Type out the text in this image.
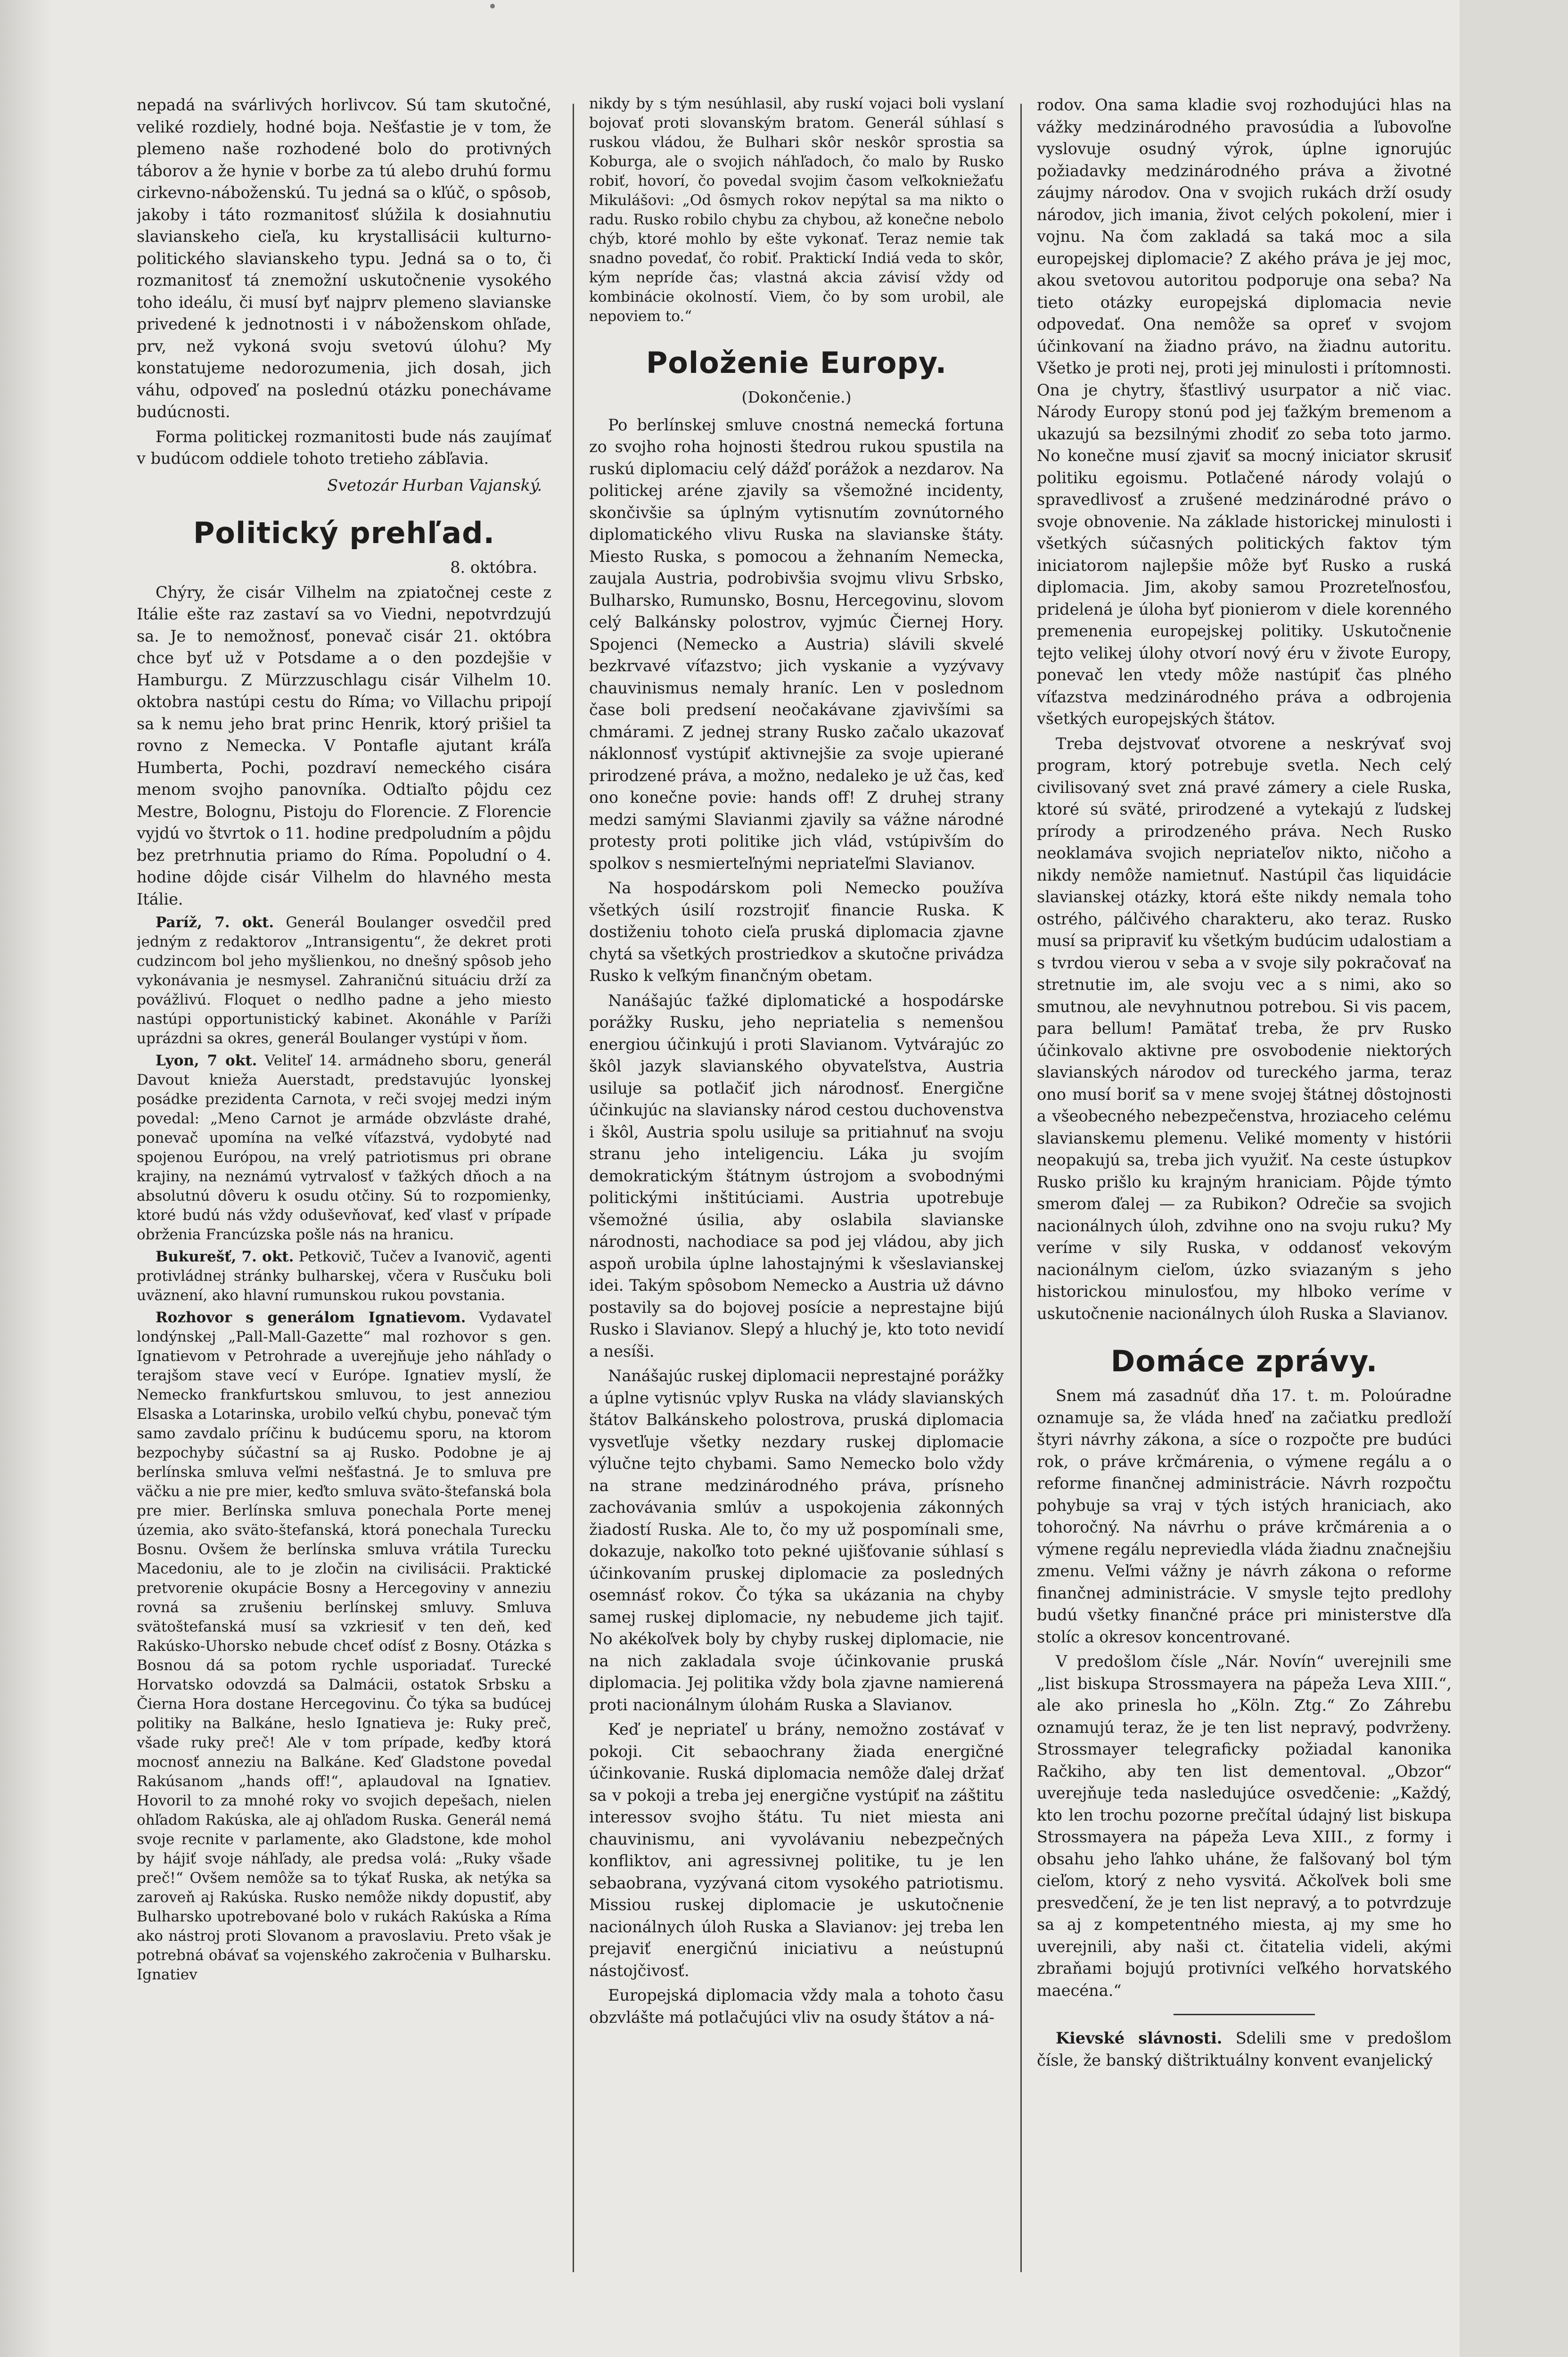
nepadá na svárlivých horlivcov. Sú tam skutočné, veliké rozdiely, hodné boja. Nešťastie je v tom, že plemeno naše rozhodené bolo do protivných táborov a že hynie v borbe za tú alebo druhú formu cirkevno-náboženskú. Tu jedná sa o kľúč, o spôsob, jakoby i táto rozmanitosť slúžila k dosiahnutiu slavianskeho cieľa, ku krystallisácii kulturno-politického slavianskeho typu. Jedná sa o to, či rozmanitosť tá znemožní uskutočnenie vysokého toho ideálu, či musí byť najprv plemeno slavianske privedené k jednotnosti i v náboženskom ohľade, prv, než vykoná svoju svetovú úlohu? My konstatujeme nedorozumenia, jich dosah, jich váhu, odpoveď na poslednú otázku ponechávame budúcnosti.

Forma politickej rozmanitosti bude nás zaujímať v budúcom oddiele tohoto tretieho zábľavia.

Svetozár Hurban Vajanský.
Politický prehľad.
8. októbra.

Chýry, že cisár Vilhelm na zpiatočnej ceste z Itálie ešte raz zastaví sa vo Viedni, nepotvrdzujú sa. Je to nemožnosť, ponevač cisár 21. októbra chce byť už v Potsdame a o den pozdejšie v Hamburgu. Z Mürzzuschlagu cisár Vilhelm 10. oktobra nastúpi cestu do Ríma; vo Villachu pripojí sa k nemu jeho brat princ Henrik, ktorý prišiel ta rovno z Nemecka. V Pontafle ajutant kráľa Humberta, Pochi, pozdraví nemeckého cisára menom svojho panovníka. Odtiaľto pôjdu cez Mestre, Bolognu, Pistoju do Florencie. Z Florencie vyjdú vo štvrtok o 11. hodine predpoludním a pôjdu bez pretrhnutia priamo do Ríma. Popoludní o 4. hodine dôjde cisár Vilhelm do hlavného mesta Itálie.

Paríž, 7. okt. Generál Boulanger osvedčil pred jedným z redaktorov „Intransigentu“, že dekret proti cudzincom bol jeho myšlienkou, no dnešný spôsob jeho vykonávania je nesmysel. Zahraničnú situáciu drží za povážlivú. Floquet o nedlho padne a jeho miesto nastúpi opportunistický kabinet. Akonáhle v Paríži uprázdni sa okres, generál Boulanger vystúpi v ňom.

Lyon, 7 okt. Veliteľ 14. armádneho sboru, generál Davout knieža Auerstadt, predstavujúc lyonskej posádke prezidenta Carnota, v reči svojej medzi iným povedal: „Meno Carnot je armáde obzvláste drahé, ponevač upomína na veľké víťazstvá, vydobyté nad spojenou Európou, na vrelý patriotismus pri obrane krajiny, na neznámú vytrvalosť v ťažkých dňoch a na absolutnú dôveru k osudu otčiny. Sú to rozpomienky, ktoré budú nás vždy oduševňovať, keď vlasť v prípade obrženia Francúzska pošle nás na hranicu.

Bukurešť, 7. okt. Petkovič, Tučev a Ivanovič, agenti protivládnej stránky bulharskej, včera v Rusčuku boli uväznení, ako hlavní rumunskou rukou povstania.

Rozhovor s generálom Ignatievom. Vydavateľ londýnskej „Pall-Mall-Gazette“ mal rozhovor s gen. Ignatievom v Petrohrade a uverejňuje jeho náhľady o terajšom stave vecí v Európe. Ignatiev myslí, že Nemecko frankfurtskou smluvou, to jest anneziou Elsaska a Lotarinska, urobilo veľkú chybu, ponevač tým samo zavdalo príčinu k budúcemu sporu, na ktorom bezpochyby súčastní sa aj Rusko. Podobne je aj berlínska smluva veľmi nešťastná. Je to smluva pre väčku a nie pre mier, keďto smluva sväto-štefanská bola pre mier. Berlínska smluva ponechala Porte menej územia, ako sväto-štefanská, ktorá ponechala Turecku Bosnu. Ovšem že berlínska smluva vrátila Turecku Macedoniu, ale to je zločin na civilisácii. Praktické pretvorenie okupácie Bosny a Hercegoviny v anneziu rovná sa zrušeniu berlínskej smluvy. Smluva svätoštefanská musí sa vzkriesiť v ten deň, keď Rakúsko-Uhorsko nebude chceť odísť z Bosny. Otázka s Bosnou dá sa potom rychle usporiadať. Turecké Horvatsko odovzdá sa Dalmácii, ostatok Srbsku a Čierna Hora dostane Hercegovinu. Čo týka sa budúcej politiky na Balkáne, heslo Ignatieva je: Ruky preč, všade ruky preč! Ale v tom prípade, keďby ktorá mocnosť anneziu na Balkáne. Keď Gladstone povedal Rakúsanom „hands off!“, aplaudoval na Ignatiev. Hovoril to za mnohé roky vo svojich depešach, nielen ohľadom Rakúska, ale aj ohľadom Ruska. Generál nemá svoje recnite v parlamente, ako Gladstone, kde mohol by hájiť svoje náhľady, ale predsa volá: „Ruky všade preč!“ Ovšem nemôže sa to týkať Ruska, ak netýka sa zaroveň aj Rakúska. Rusko nemôže nikdy dopustiť, aby Bulharsko upotrebované bolo v rukách Rakúska a Ríma ako nástroj proti Slovanom a pravoslaviu. Preto však je potrebná obávať sa vojenského zakročenia v Bulharsku. Ignatiev

nikdy by s tým nesúhlasil, aby ruskí vojaci boli vyslaní bojovať proti slovanským bratom. Generál súhlasí s ruskou vládou, že Bulhari skôr neskôr sprostia sa Koburga, ale o svojich náhľadoch, čo malo by Rusko robiť, hovorí, čo povedal svojim časom veľkokniežaťu Mikulášovi: „Od ôsmych rokov nepýtal sa ma nikto o radu. Rusko robilo chybu za chybou, až konečne nebolo chýb, ktoré mohlo by ešte vykonať. Teraz nemie tak snadno povedať, čo robiť. Praktickí Indiá veda to skôr, kým nepríde čas; vlastná akcia závisí vždy od kombinácie okolností. Viem, čo by som urobil, ale nepoviem to.“

Položenie Europy.
(Dokončenie.)

Po berlínskej smluve cnostná nemecká fortuna zo svojho roha hojnosti štedrou rukou spustila na ruskú diplomaciu celý dážď porážok a nezdarov. Na politickej aréne zjavily sa všemožné incidenty, skončivšie sa úplným vytisnutím zovnútorného diplomatického vlivu Ruska na slavianske štáty. Miesto Ruska, s pomocou a žehnaním Nemecka, zaujala Austria, podrobivšia svojmu vlivu Srbsko, Bulharsko, Rumunsko, Bosnu, Hercegovinu, slovom celý Balkánsky polostrov, vyjmúc Čiernej Hory. Spojenci (Nemecko a Austria) slávili skvelé bezkrvavé víťazstvo; jich vyskanie a vyzývavy chauvinismus nemaly hraníc. Len v poslednom čase boli predsení neočakávane zjavivšími sa chmárami. Z jednej strany Rusko začalo ukazovať náklonnosť vystúpiť aktivnejšie za svoje upierané prirodzené práva, a možno, nedaleko je už čas, keď ono konečne povie: hands off! Z druhej strany medzi samými Slavianmi zjavily sa vážne národné protesty proti politike jich vlád, vstúpivším do spolkov s nesmierteľnými nepriateľmi Slavianov.

Na hospodárskom poli Nemecko používa všetkých úsilí rozstrojiť financie Ruska. K dostiženiu tohoto cieľa pruská diplomacia zjavne chytá sa všetkých prostriedkov a skutočne privádza Rusko k veľkým finančným obetam.

Nanášajúc ťažké diplomatické a hospodárske porážky Rusku, jeho nepriatelia s nemenšou energiou účinkujú i proti Slavianom. Vytvárajúc zo škôl jazyk slavianského obyvateľstva, Austria usiluje sa potlačiť jich národnosť. Energične účinkujúc na slaviansky národ cestou duchovenstva i škôl, Austria spolu usiluje sa pritiahnuť na svoju stranu jeho inteligenciu. Láka ju svojím demokratickým štátnym ústrojom a svobodnými politickými inštitúciami. Austria upotrebuje všemožné úsilia, aby oslabila slavianske národnosti, nachodiace sa pod jej vládou, aby jich aspoň urobila úplne lahostajnými k všeslavianskej idei. Takým spôsobom Nemecko a Austria už dávno postavily sa do bojovej posície a neprestajne bijú Rusko i Slavianov. Slepý a hluchý je, kto toto nevidí a nesíši.

Nanášajúc ruskej diplomacii neprestajné porážky a úplne vytisnúc vplyv Ruska na vlády slavianských štátov Balkánskeho polostrova, pruská diplomacia vysvetľuje všetky nezdary ruskej diplomacie výlučne tejto chybami. Samo Nemecko bolo vždy na strane medzinárodného práva, prísneho zachovávania smlúv a uspokojenia zákonných žiadostí Ruska. Ale to, čo my už pospomínali sme, dokazuje, nakoľko toto pekné ujišťovanie súhlasí s účinkovaním pruskej diplomacie za posledných osemnásť rokov. Čo týka sa ukázania na chyby samej ruskej diplomacie, ny nebudeme jich tajiť. No akékoľvek boly by chyby ruskej diplomacie, nie na nich zakladala svoje účinkovanie pruská diplomacia. Jej politika vždy bola zjavne namierená proti nacionálnym úlohám Ruska a Slavianov.

Keď je nepriateľ u brány, nemožno zostávať v pokoji. Cit sebaochrany žiada energičné účinkovanie. Ruská diplomacia nemôže ďalej držať sa v pokoji a treba jej energične vystúpiť na záštitu interessov svojho štátu. Tu niet miesta ani chauvinismu, ani vyvolávaniu nebezpečných konfliktov, ani agressivnej politike, tu je len sebaobrana, vyzývaná citom vysokého patriotismu. Missiou ruskej diplomacie je uskutočnenie nacionálnych úloh Ruska a Slavianov: jej treba len prejaviť energičnú iniciativu a neústupnú nástojčivosť.

Europejská diplomacia vždy mala a tohoto času obzvlášte má potlačujúci vliv na osudy štátov a ná-

rodov. Ona sama kladie svoj rozhodujúci hlas na vážky medzinárodného pravosúdia a ľubovoľne vyslovuje osudný výrok, úplne ignorujúc požiadavky medzinárodného práva a životné záujmy národov. Ona v svojich rukách drží osudy národov, jich imania, život celých pokolení, mier i vojnu. Na čom zakladá sa taká moc a sila europejskej diplomacie? Z akého práva je jej moc, akou svetovou autoritou podporuje ona seba? Na tieto otázky europejská diplomacia nevie odpovedať. Ona nemôže sa opreť v svojom účinkovaní na žiadno právo, na žiadnu autoritu. Všetko je proti nej, proti jej minulosti i prítomnosti. Ona je chytry, šťastlivý usurpator a nič viac. Národy Europy stonú pod jej ťažkým bremenom a ukazujú sa bezsilnými zhodiť zo seba toto jarmo. No konečne musí zjaviť sa mocný iniciator skrusiť politiku egoismu. Potlačené národy volajú o spravedlivosť a zrušené medzinárodné právo o svoje obnovenie. Na základe historickej minulosti i všetkých súčasných politických faktov tým iniciatorom najlepšie môže byť Rusko a ruská diplomacia. Jim, akoby samou Prozreteľnosťou, pridelená je úloha byť pionierom v diele korenného premenenia europejskej politiky. Uskutočnenie tejto velikej úlohy otvorí nový éru v živote Europy, ponevač len vtedy môže nastúpiť čas plného víťazstva medzinárodného práva a odbrojenia všetkých europejských štátov.

Treba dejstvovať otvorene a neskrývať svoj program, ktorý potrebuje svetla. Nech celý civilisovaný svet zná pravé zámery a ciele Ruska, ktoré sú sväté, prirodzené a vytekajú z ľudskej prírody a prirodzeného práva. Nech Rusko neoklamáva svojich nepriateľov nikto, ničoho a nikdy nemôže namietnuť. Nastúpil čas liquidácie slavianskej otázky, ktorá ešte nikdy nemala toho ostrého, pálčivého charakteru, ako teraz. Rusko musí sa pripraviť ku všetkým budúcim udalostiam a s tvrdou vierou v seba a v svoje sily pokračovať na stretnutie im, ale svoju vec a s nimi, ako so smutnou, ale nevyhnutnou potrebou. Si vis pacem, para bellum! Pamätať treba, že prv Rusko účinkovalo aktivne pre osvobodenie niektorých slavianských národov od tureckého jarma, teraz ono musí boriť sa v mene svojej štátnej dôstojnosti a všeobecného nebezpečenstva, hroziaceho celému slavianskemu plemenu. Veliké momenty v histórii neopakujú sa, treba jich využiť. Na ceste ústupkov Rusko prišlo ku krajným hraniciam. Pôjde týmto smerom ďalej — za Rubikon? Odrečie sa svojich nacionálnych úloh, zdvihne ono na svoju ruku? My veríme v sily Ruska, v oddanosť vekovým nacionálnym cieľom, úzko sviazaným s jeho historickou minulosťou, my hlboko veríme v uskutočnenie nacionálnych úloh Ruska a Slavianov.

Domáce zprávy.

Snem má zasadnúť dňa 17. t. m. Poloúradne oznamuje sa, že vláda hneď na začiatku predloží štyri návrhy zákona, a síce o rozpočte pre budúci rok, o práve krčmárenia, o výmene regálu a o reforme finančnej administrácie. Návrh rozpočtu pohybuje sa vraj v tých istých hraniciach, ako tohoročný. Na návrhu o práve krčmárenia a o výmene regálu nepreviedla vláda žiadnu značnejšiu zmenu. Veľmi vážny je návrh zákona o reforme finančnej administrácie. V smysle tejto predlohy budú všetky finančné práce pri ministerstve dľa stolíc a okresov koncentrované.

V predošlom čísle „Nár. Novín“ uverejnili sme „list biskupa Strossmayera na pápeža Leva XIII.“, ale ako prinesla ho „Köln. Ztg.“ Zo Záhrebu oznamujú teraz, že je ten list nepravý, podvrženy. Strossmayer telegraficky požiadal kanonika Račkiho, aby ten list dementoval. „Obzor“ uverejňuje teda nasledujúce osvedčenie: „Každý, kto len trochu pozorne prečítal údajný list biskupa Strossmayera na pápeža Leva XIII., z formy i obsahu jeho ľahko uháne, že falšovaný bol tým cieľom, ktorý z neho vysvitá. Ačkoľvek boli sme presvedčení, že je ten list nepravý, a to potvrdzuje sa aj z kompetentného miesta, aj my sme ho uverejnili, aby naši ct. čitatelia videli, akými zbraňami bojujú protivníci veľkého horvatského maecéna.“

Kievské slávnosti. Sdelili sme v predošlom čísle, že banský dištriktuálny konvent evanjelický
